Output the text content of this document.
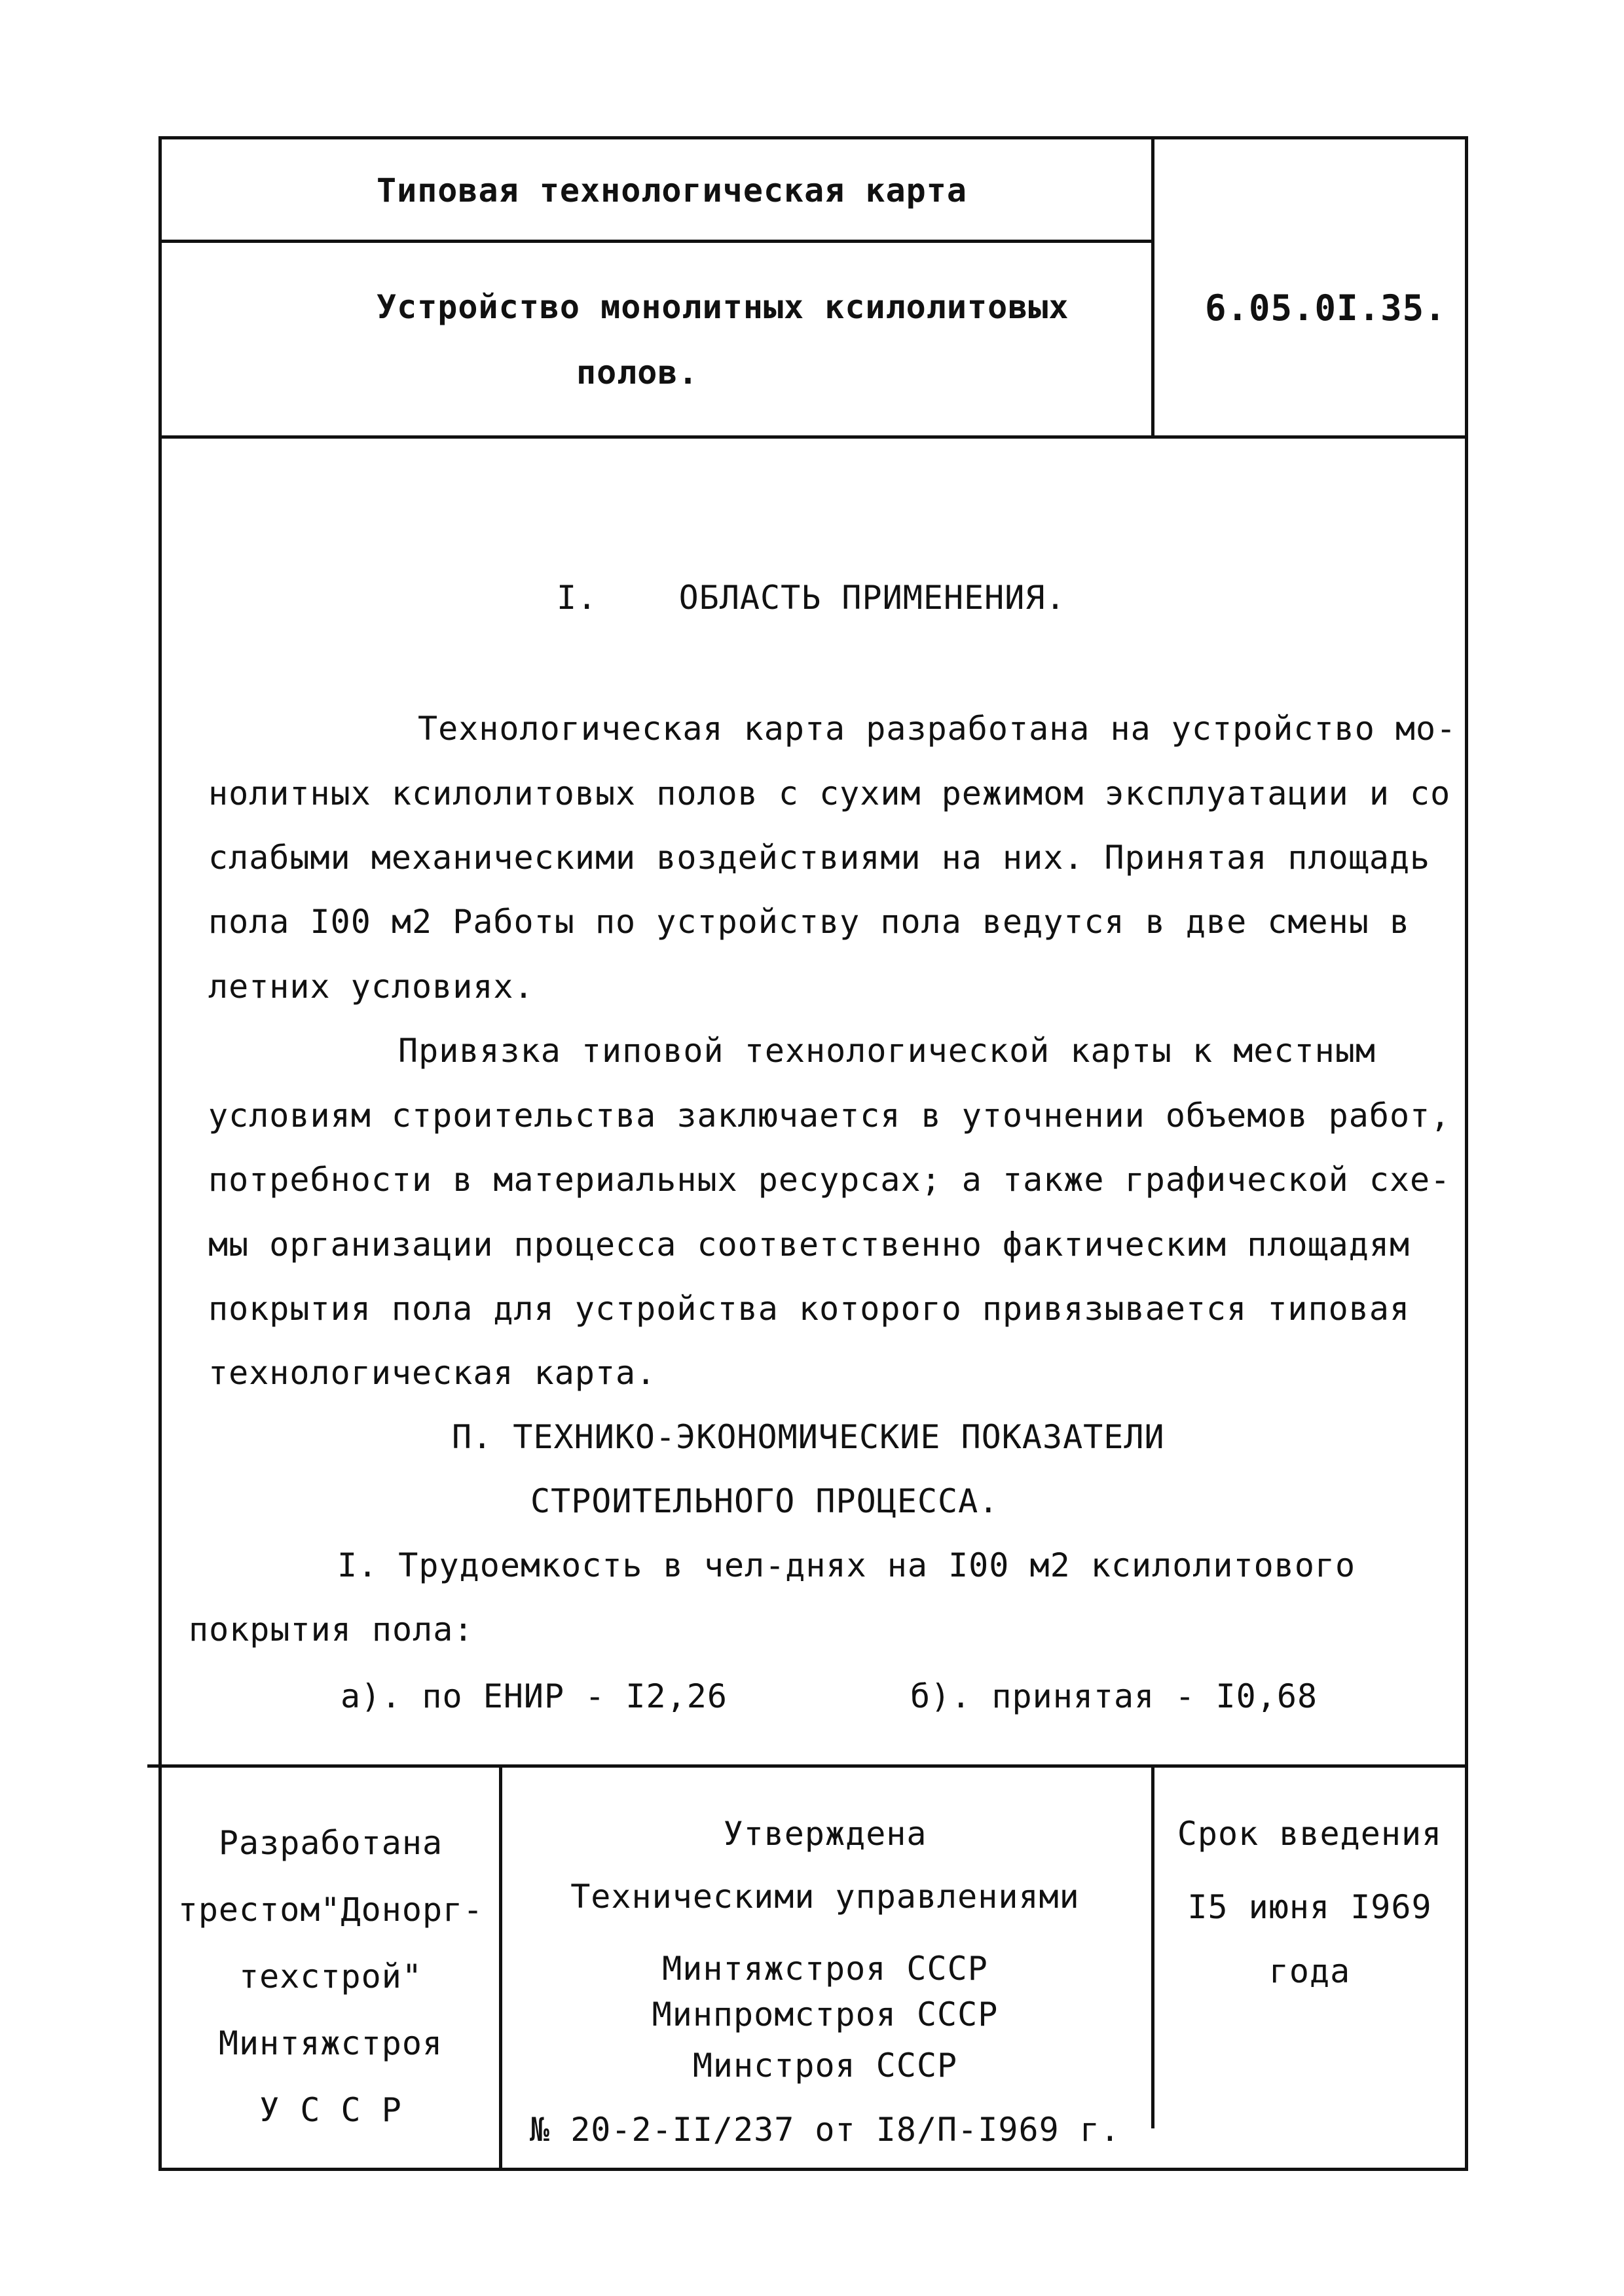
Типовая технологическая карта
Устройство монолитных ксилолитовых
полов.
6.05.0I.35.
I.    ОБЛАСТЬ ПРИМЕНЕНИЯ.
Технологическая карта разработана на устройство мо-
нолитных ксилолитовых полов с сухим режимом эксплуатации и со
слабыми механическими воздействиями на них. Принятая площадь
пола I00 м2 Работы по устройству пола ведутся в две смены в
летних условиях.
Привязка типовой технологической карты к местным
условиям строительства заключается в уточнении объемов работ,
потребности в материальных ресурсах; а также графической схе-
мы организации процесса соответственно фактическим площадям
покрытия пола для устройства которого привязывается типовая
технологическая карта.
П. ТЕХНИКО-ЭКОНОМИЧЕСКИЕ ПОКАЗАТЕЛИ
СТРОИТЕЛЬНОГО ПРОЦЕССА.
I. Трудоемкость в чел-днях на I00 м2 ксилолитового
покрытия пола:
а). по ЕНИР - I2,26	б). принятая - I0,68
Разработана
трестом"Донорг-
техстрой"
Минтяжстроя
У С С Р
Утверждена
Техническими управлениями
Минтяжстроя СССР
Минпромстроя СССР
Минстроя СССР
№ 20-2-II/237 от I8/П-I969 г.
Срок введения
I5 июня I969
года
